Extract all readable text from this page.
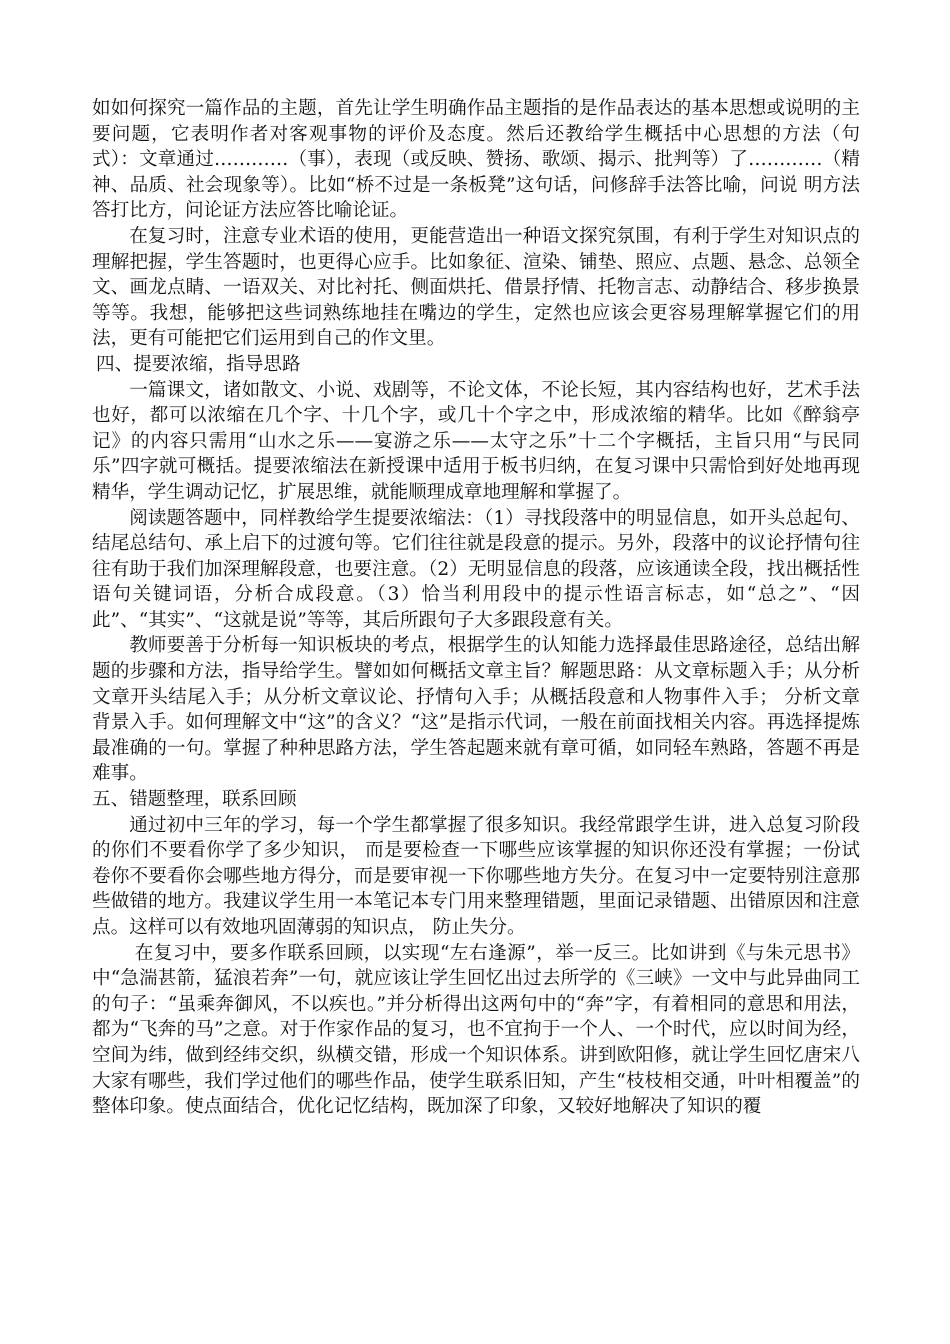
如如何探究一篇作品的主题，首先让学生明确作品主题指的是作品表达的基本思想或说明的主要问题，它表明作者对客观事物的评价及态度。然后还教给学生概括中心思想的方法（句式）：文章通过…………（事），表现（或反映、赞扬、歌颂、揭示、批判等）了…………（精神、品质、社会现象等）。比如“桥不过是一条板凳”这句话，问修辞手法答比喻，问说 明方法答打比方，问论证方法应答比喻论证。

在复习时，注意专业术语的使用，更能营造出一种语文探究氛围，有利于学生对知识点的理解把握，学生答题时，也更得心应手。比如象征、渲染、铺垫、照应、点题、悬念、总领全文、画龙点睛、一语双关、对比衬托、侧面烘托、借景抒情、托物言志、动静结合、移步换景等等。我想，能够把这些词熟练地挂在嘴边的学生，定然也应该会更容易理解掌握它们的用法，更有可能把它们运用到自己的作文里。

四、提要浓缩，指导思路

一篇课文，诸如散文、小说、戏剧等，不论文体，不论长短，其内容结构也好，艺术手法也好，都可以浓缩在几个字、十几个字，或几十个字之中，形成浓缩的精华。比如《醉翁亭记》的内容只需用“山水之乐——宴游之乐——太守之乐”十二个字概括，主旨只用“与民同乐”四字就可概括。提要浓缩法在新授课中适用于板书归纳，在复习课中只需恰到好处地再现精华，学生调动记忆，扩展思维，就能顺理成章地理解和掌握了。

阅读题答题中，同样教给学生提要浓缩法：（1）寻找段落中的明显信息，如开头总起句、结尾总结句、承上启下的过渡句等。它们往往就是段意的提示。另外，段落中的议论抒情句往往有助于我们加深理解段意，也要注意。（2）无明显信息的段落，应该通读全段，找出概括性语句关键词语，分析合成段意。（3）恰当利用段中的提示性语言标志，如“总之”、“因此”、“其实”、“这就是说”等等，其后所跟句子大多跟段意有关。

教师要善于分析每一知识板块的考点，根据学生的认知能力选择最佳思路途径，总结出解题的步骤和方法，指导给学生。譬如如何概括文章主旨？解题思路：从文章标题入手；从分析文章开头结尾入手；从分析文章议论、抒情句入手；从概括段意和人物事件入手； 分析文章背景入手。如何理解文中“这”的含义？“这”是指示代词，一般在前面找相关内容。再选择提炼最准确的一句。掌握了种种思路方法，学生答起题来就有章可循，如同轻车熟路，答题不再是难事。

五、错题整理，联系回顾

通过初中三年的学习，每一个学生都掌握了很多知识。我经常跟学生讲，进入总复习阶段的你们不要看你学了多少知识， 而是要检查一下哪些应该掌握的知识你还没有掌握；一份试卷你不要看你会哪些地方得分，而是要审视一下你哪些地方失分。在复习中一定要特别注意那些做错的地方。我建议学生用一本笔记本专门用来整理错题，里面记录错题、出错原因和注意点。这样可以有效地巩固薄弱的知识点， 防止失分。

在复习中，要多作联系回顾，以实现“左右逢源”，举一反三。比如讲到《与朱元思书》中“急湍甚箭，猛浪若奔”一句，就应该让学生回忆出过去所学的《三峡》一文中与此异曲同工的句子：“虽乘奔御风，不以疾也。”并分析得出这两句中的“奔”字，有着相同的意思和用法，都为“飞奔的马”之意。对于作家作品的复习，也不宜拘于一个人、一个时代，应以时间为经，空间为纬，做到经纬交织，纵横交错，形成一个知识体系。讲到欧阳修，就让学生回忆唐宋八大家有哪些，我们学过他们的哪些作品，使学生联系旧知，产生“枝枝相交通，叶叶相覆盖”的整体印象。使点面结合，优化记忆结构，既加深了印象，又较好地解决了知识的覆
